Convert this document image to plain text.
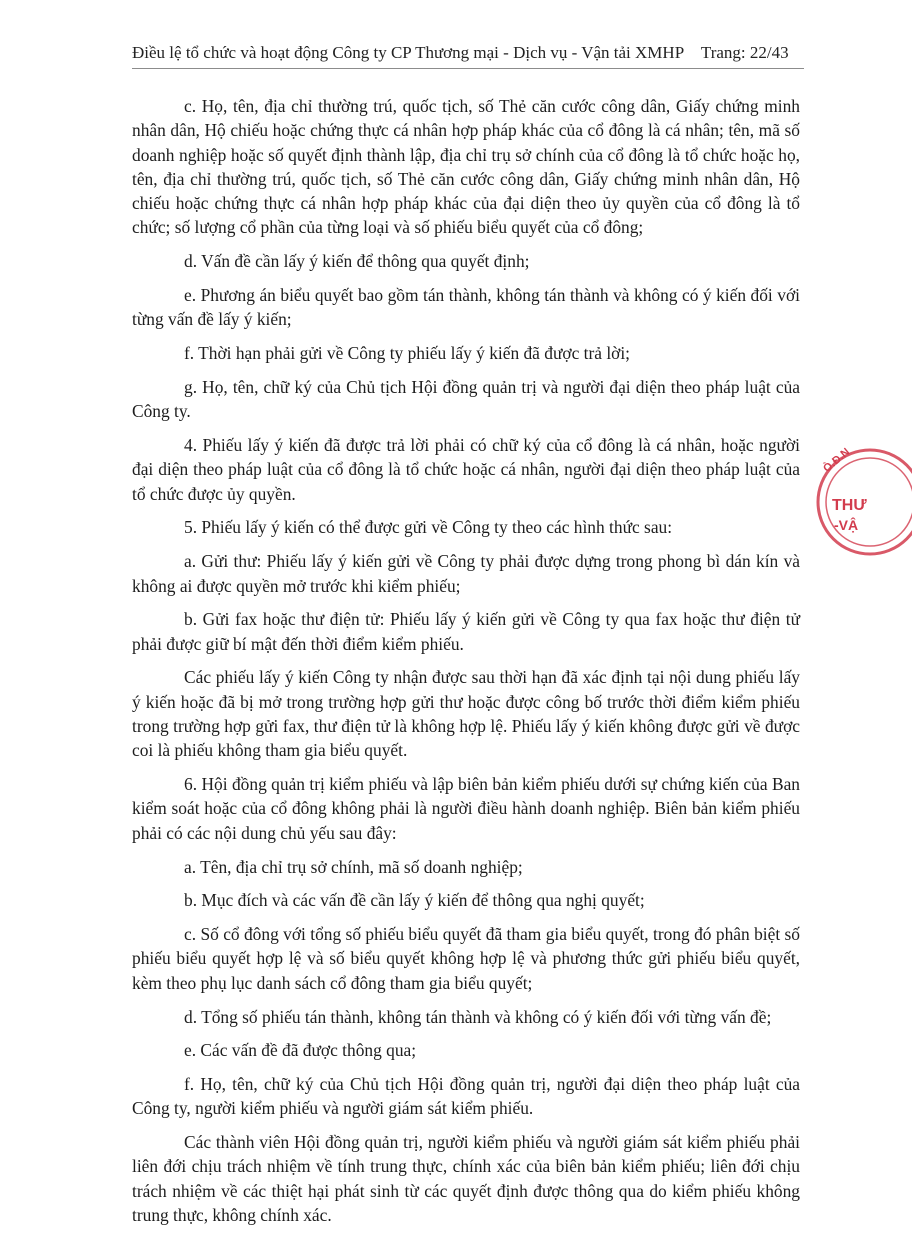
Điều lệ tổ chức và hoạt động Công ty CP Thương mại - Dịch vụ - Vận tải XMHP Trang: 22/43

c. Họ, tên, địa chỉ thường trú, quốc tịch, số Thẻ căn cước công dân, Giấy chứng minh nhân dân, Hộ chiếu hoặc chứng thực cá nhân hợp pháp khác của cổ đông là cá nhân; tên, mã số doanh nghiệp hoặc số quyết định thành lập, địa chỉ trụ sở chính của cổ đông là tổ chức hoặc họ, tên, địa chỉ thường trú, quốc tịch, số Thẻ căn cước công dân, Giấy chứng minh nhân dân, Hộ chiếu hoặc chứng thực cá nhân hợp pháp khác của đại diện theo ủy quyền của cổ đông là tổ chức; số lượng cổ phần của từng loại và số phiếu biểu quyết của cổ đông;

d. Vấn đề cần lấy ý kiến để thông qua quyết định;

e. Phương án biểu quyết bao gồm tán thành, không tán thành và không có ý kiến đối với từng vấn đề lấy ý kiến;

f. Thời hạn phải gửi về Công ty phiếu lấy ý kiến đã được trả lời;

g. Họ, tên, chữ ký của Chủ tịch Hội đồng quản trị và người đại diện theo pháp luật của Công ty.

4. Phiếu lấy ý kiến đã được trả lời phải có chữ ký của cổ đông là cá nhân, hoặc người đại diện theo pháp luật của cổ đông là tổ chức hoặc cá nhân, người đại diện theo pháp luật của tổ chức được ủy quyền.

5. Phiếu lấy ý kiến có thể được gửi về Công ty theo các hình thức sau:

a. Gửi thư: Phiếu lấy ý kiến gửi về Công ty phải được dựng trong phong bì dán kín và không ai được quyền mở trước khi kiểm phiếu;

b. Gửi fax hoặc thư điện tử: Phiếu lấy ý kiến gửi về Công ty qua fax hoặc thư điện tử phải được giữ bí mật đến thời điểm kiểm phiếu.

Các phiếu lấy ý kiến Công ty nhận được sau thời hạn đã xác định tại nội dung phiếu lấy ý kiến hoặc đã bị mở trong trường hợp gửi thư hoặc được công bố trước thời điểm kiểm phiếu trong trường hợp gửi fax, thư điện tử là không hợp lệ. Phiếu lấy ý kiến không được gửi về được coi là phiếu không tham gia biểu quyết.

6. Hội đồng quản trị kiểm phiếu và lập biên bản kiểm phiếu dưới sự chứng kiến của Ban kiểm soát hoặc của cổ đông không phải là người điều hành doanh nghiệp. Biên bản kiểm phiếu phải có các nội dung chủ yếu sau đây:

a. Tên, địa chỉ trụ sở chính, mã số doanh nghiệp;

b. Mục đích và các vấn đề cần lấy ý kiến để thông qua nghị quyết;

c. Số cổ đông với tổng số phiếu biểu quyết đã tham gia biểu quyết, trong đó phân biệt số phiếu biểu quyết hợp lệ và số biểu quyết không hợp lệ và phương thức gửi phiếu biểu quyết, kèm theo phụ lục danh sách cổ đông tham gia biểu quyết;

d. Tổng số phiếu tán thành, không tán thành và không có ý kiến đối với từng vấn đề;

e. Các vấn đề đã được thông qua;

f. Họ, tên, chữ ký của Chủ tịch Hội đồng quản trị, người đại diện theo pháp luật của Công ty, người kiểm phiếu và người giám sát kiểm phiếu.

Các thành viên Hội đồng quản trị, người kiểm phiếu và người giám sát kiểm phiếu phải liên đới chịu trách nhiệm về tính trung thực, chính xác của biên bản kiểm phiếu; liên đới chịu trách nhiệm về các thiệt hại phát sinh từ các quyết định được thông qua do kiểm phiếu không trung thực, không chính xác.

Ò.Đ.N
THƯ
-VẬ
